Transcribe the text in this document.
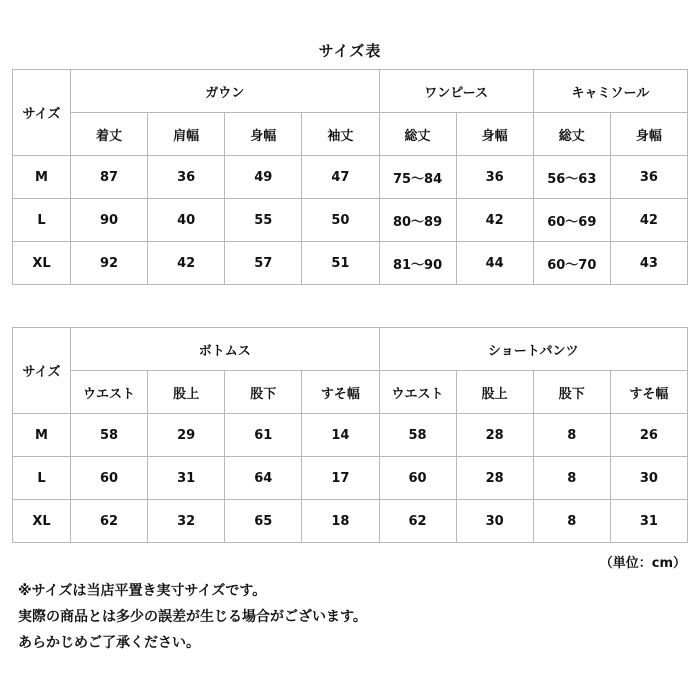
サイズ表
サイズ	ガウン				ワンピース		キャミソール	
	着丈	肩幅	身幅	袖丈	総丈	身幅	総丈	身幅
M	87	36	49	47	75〜84	36	56〜63	36
L	90	40	55	50	80〜89	42	60〜69	42
XL	92	42	57	51	81〜90	44	60〜70	43
サイズ	ボトムス				ショートパンツ			
	ウエスト	股上	股下	すそ幅	ウエスト	股上	股下	すそ幅
M	58	29	61	14	58	28	8	26
L	60	31	64	17	60	28	8	30
XL	62	32	65	18	62	30	8	31
（単位：cm）
※サイズは当店平置き実寸サイズです。
実際の商品とは多少の誤差が生じる場合がございます。
あらかじめご了承ください。
